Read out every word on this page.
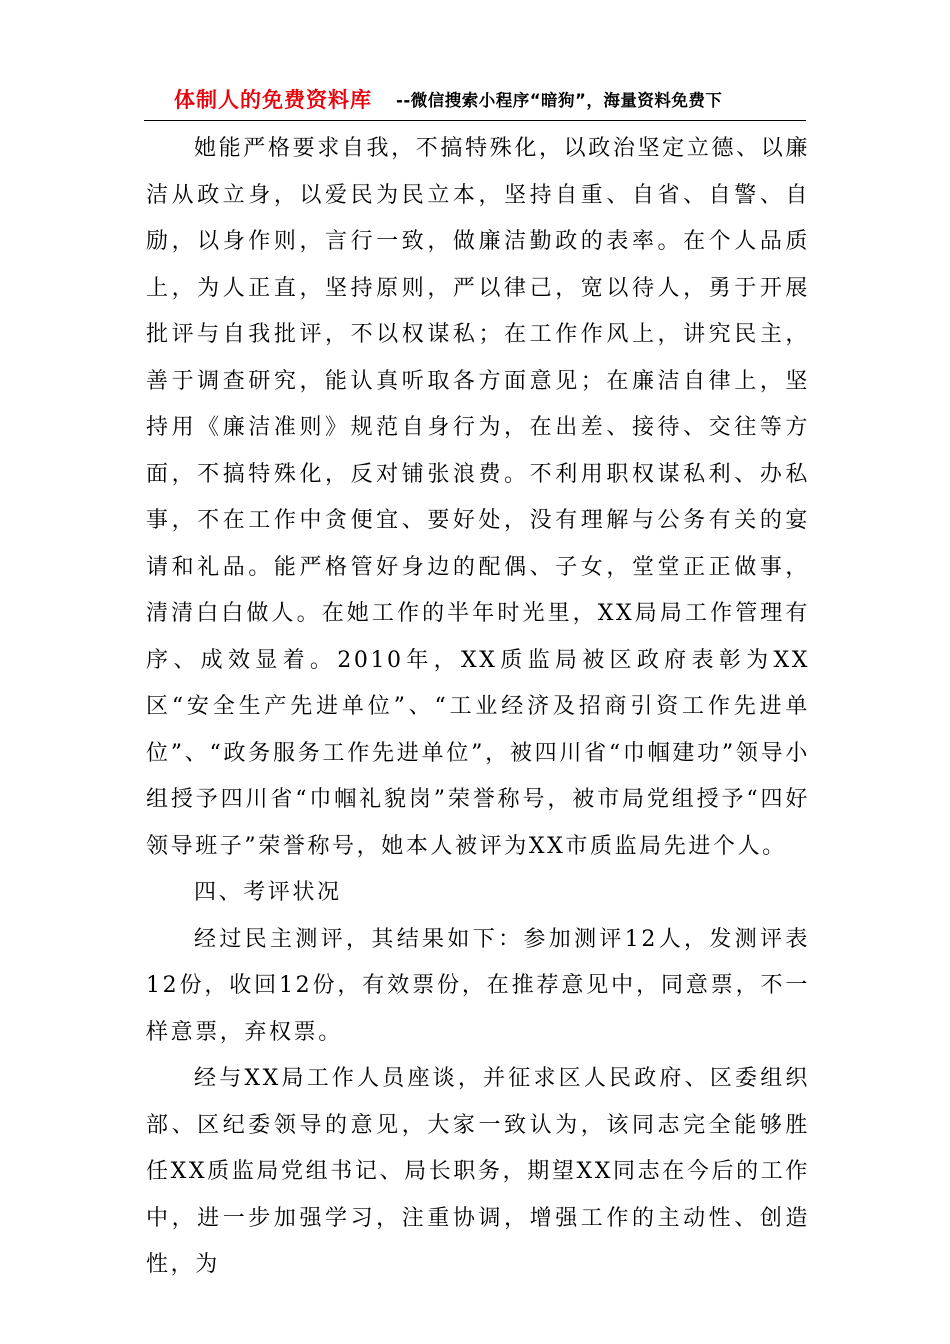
体制人的免费资料库 --微信搜索小程序“暗狗”，海量资料免费下

她能严格要求自我，不搞特殊化，以政治坚定立德、以廉洁从政立身，以爱民为民立本，坚持自重、自省、自警、自励，以身作则，言行一致，做廉洁勤政的表率。在个人品质上，为人正直，坚持原则，严以律己，宽以待人，勇于开展批评与自我批评，不以权谋私；在工作作风上，讲究民主，善于调查研究，能认真听取各方面意见；在廉洁自律上，坚持用《廉洁准则》规范自身行为，在出差、接待、交往等方面，不搞特殊化，反对铺张浪费。不利用职权谋私利、办私事，不在工作中贪便宜、要好处，没有理解与公务有关的宴请和礼品。能严格管好身边的配偶、子女，堂堂正正做事，清清白白做人。在她工作的半年时光里，XX局局工作管理有序、成效显着。2010年，XX质监局被区政府表彰为XX区“安全生产先进单位”、“工业经济及招商引资工作先进单位”、“政务服务工作先进单位”，被四川省“巾帼建功”领导小组授予四川省“巾帼礼貌岗”荣誉称号，被市局党组授予“四好领导班子”荣誉称号，她本人被评为XX市质监局先进个人。

四、考评状况

经过民主测评，其结果如下：参加测评12人，发测评表12份，收回12份，有效票份，在推荐意见中，同意票，不一样意票，弃权票。

经与XX局工作人员座谈，并征求区人民政府、区委组织部、区纪委领导的意见，大家一致认为，该同志完全能够胜任XX质监局党组书记、局长职务，期望XX同志在今后的工作中，进一步加强学习，注重协调，增强工作的主动性、创造性，为
